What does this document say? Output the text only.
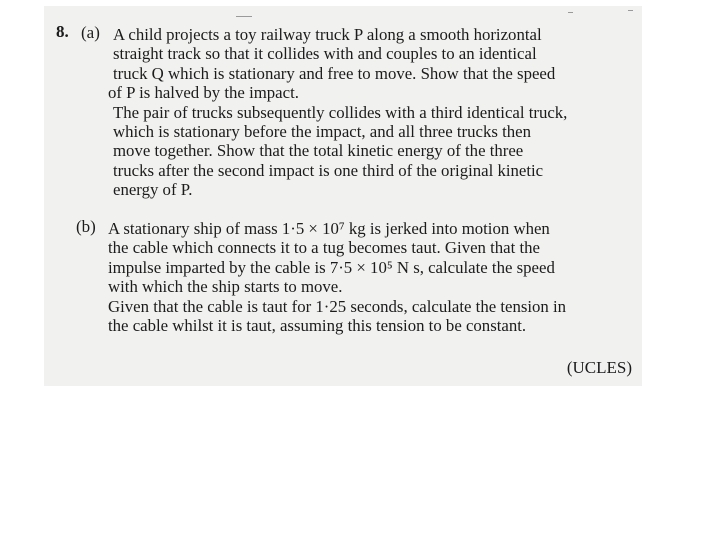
8. (a) A child projects a toy railway truck P along a smooth horizontal
straight track so that it collides with and couples to an identical
truck Q which is stationary and free to move. Show that the speed
of P is halved by the impact.
The pair of trucks subsequently collides with a third identical truck,
which is stationary before the impact, and all three trucks then
move together. Show that the total kinetic energy of the three
trucks after the second impact is one third of the original kinetic
energy of P.
(b) A stationary ship of mass 1·5 × 10⁷ kg is jerked into motion when
the cable which connects it to a tug becomes taut. Given that the
impulse imparted by the cable is 7·5 × 10⁵ N s, calculate the speed
with which the ship starts to move.
Given that the cable is taut for 1·25 seconds, calculate the tension in
the cable whilst it is taut, assuming this tension to be constant.
(UCLES)
